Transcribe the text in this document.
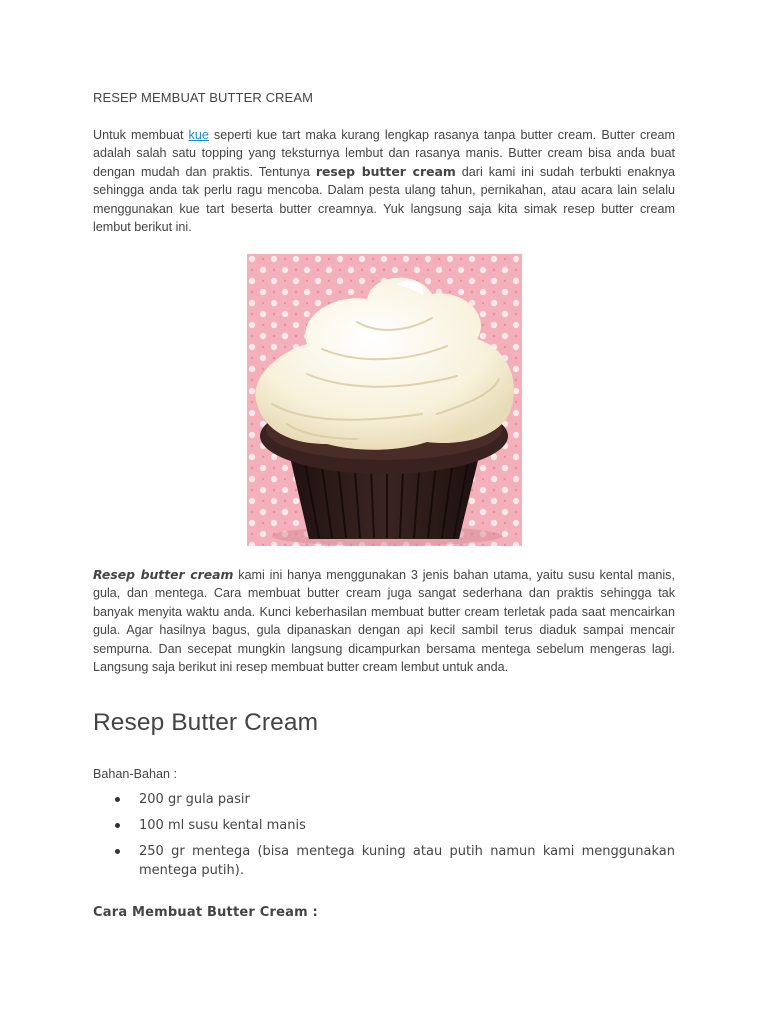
RESEP MEMBUAT BUTTER CREAM

Untuk membuat kue seperti kue tart maka kurang lengkap rasanya tanpa butter cream. Butter cream adalah salah satu topping yang teksturnya lembut dan rasanya manis. Butter cream bisa anda buat dengan mudah dan praktis. Tentunya resep butter cream dari kami ini sudah terbukti enaknya sehingga anda tak perlu ragu mencoba. Dalam pesta ulang tahun, pernikahan, atau acara lain selalu menggunakan kue tart beserta butter creamnya. Yuk langsung saja kita simak resep butter cream lembut berikut ini.

Resep butter cream kami ini hanya menggunakan 3 jenis bahan utama, yaitu susu kental manis, gula, dan mentega. Cara membuat butter cream juga sangat sederhana dan praktis sehingga tak banyak menyita waktu anda. Kunci keberhasilan membuat butter cream terletak pada saat mencairkan gula. Agar hasilnya bagus, gula dipanaskan dengan api kecil sambil terus diaduk sampai mencair sempurna. Dan secepat mungkin langsung dicampurkan bersama mentega sebelum mengeras lagi. Langsung saja berikut ini resep membuat butter cream lembut untuk anda.

Resep Butter Cream

Bahan-Bahan :

200 gr gula pasir
100 ml susu kental manis
250 gr mentega (bisa mentega kuning atau putih namun kami menggunakan mentega putih).
Cara Membuat Butter Cream :
